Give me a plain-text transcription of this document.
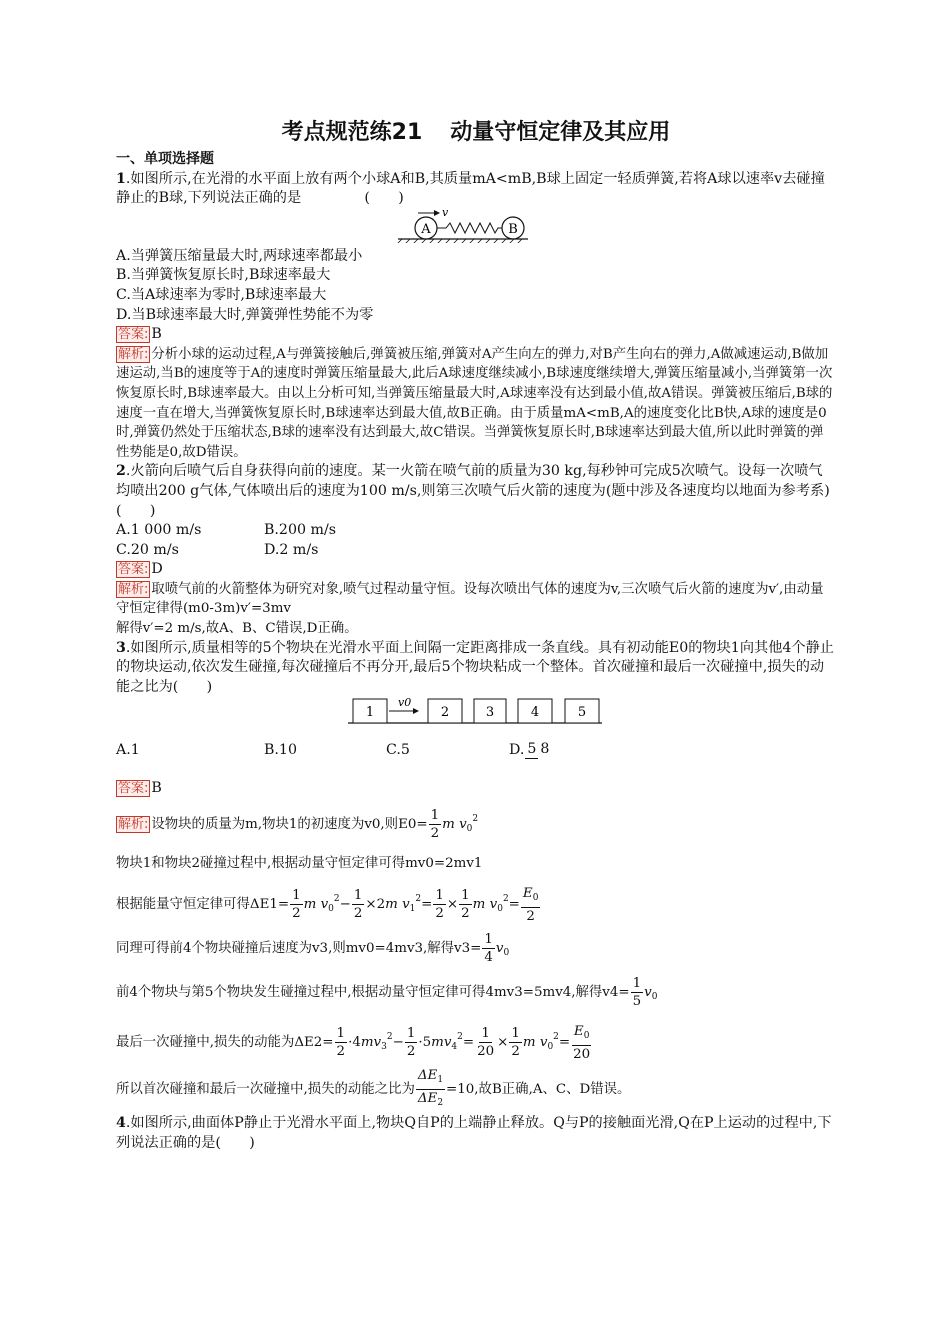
考点规范练21 动量守恒定律及其应用

一、单项选择题

1.如图所示,在光滑的水平面上放有两个小球A和B,其质量mA<mB,B球上固定一轻质弹簧,若将A球以速率v去碰撞静止的B球,下列说法正确的是	(　　)

A	B
v

A.当弹簧压缩量最大时,两球速率都最小

B.当弹簧恢复原长时,B球速率最大

C.当A球速率为零时,B球速率最大

D.当B球速率最大时,弹簧弹性势能不为零

答案: B

解析: 分析小球的运动过程,A与弹簧接触后,弹簧被压缩,弹簧对A产生向左的弹力,对B产生向右的弹力,A做减速运动,B做加速运动,当B的速度等于A的速度时弹簧压缩量最大,此后A球速度继续减小,B球速度继续增大,弹簧压缩量减小,当弹簧第一次恢复原长时,B球速率最大。由以上分析可知,当弹簧压缩量最大时,A球速率没有达到最小值,故A错误。弹簧被压缩后,B球的速度一直在增大,当弹簧恢复原长时,B球速率达到最大值,故B正确。由于质量mA<mB,A的速度变化比B快,A球的速度是0时,弹簧仍然处于压缩状态,B球的速率没有达到最大,故C错误。当弹簧恢复原长时,B球速率达到最大值,所以此时弹簧的弹性势能是0,故D错误。

2.火箭向后喷气后自身获得向前的速度。某一火箭在喷气前的质量为30 kg,每秒钟可完成5次喷气。设每一次喷气均喷出200 g气体,气体喷出后的速度为100 m/s,则第三次喷气后火箭的速度为(题中涉及各速度均以地面为参考系)(　　)

A.1 000 m/s	B.200 m/s
C.20 m/s	D.2 m/s

答案: D

解析: 取喷气前的火箭整体为研究对象,喷气过程动量守恒。设每次喷出气体的速度为v,三次喷气后火箭的速度为v′,由动量守恒定律得(m0-3m)v′=3mv

解得v′=2 m/s,故A、B、C错误,D正确。

3.如图所示,质量相等的5个物块在光滑水平面上间隔一定距离排成一条直线。具有初动能E0的物块1向其他4个静止的物块运动,依次发生碰撞,每次碰撞后不再分开,最后5个物块粘成一个整体。首次碰撞和最后一次碰撞中,损失的动能之比为(　　)

1
v0
2	3	4	5
A.1	B.10	C.5	D. 5 8

答案: B

解析: 设物块的质量为m,物块1的初速度为v0,则$E0= \frac{1}{2}$ m $v_0^2$

物块1和物块2碰撞过程中,根据动量守恒定律可得mv0=2mv1

根据能量守恒定律可得$\Delta E1= \frac{1}{2}$ m $v_0^2- \frac{1}{2} \times 2m$ $v_1^2= \frac{1}{2} \times \frac{1}{2}$ m $v_0^2= \frac{E_0}{2}$

同理可得前4个物块碰撞后速度为v3,则mv0=4mv3,解得$v3= \frac{1}{4} v_0$

前4个物块与第5个物块发生碰撞过程中,根据动量守恒定律可得4mv3=5mv4,解得$v4= \frac{1}{5} v_0$

最后一次碰撞中,损失的动能为$\Delta E2= \frac{1}{2} \cdot 4mv_3^2- \frac{1}{2} \cdot 5mv_4^2= \frac{1}{20} \times \frac{1}{2}$ m $v_0^2= \frac{E_0}{20}$

所以首次碰撞和最后一次碰撞中,损失的动能之比为 $\frac{\Delta E_1}{\Delta E_2} =10$,故B正确,A、C、D错误。

4.如图所示,曲面体P静止于光滑水平面上,物块Q自P的上端静止释放。Q与P的接触面光滑,Q在P上运动的过程中,下列说法正确的是(　　)
